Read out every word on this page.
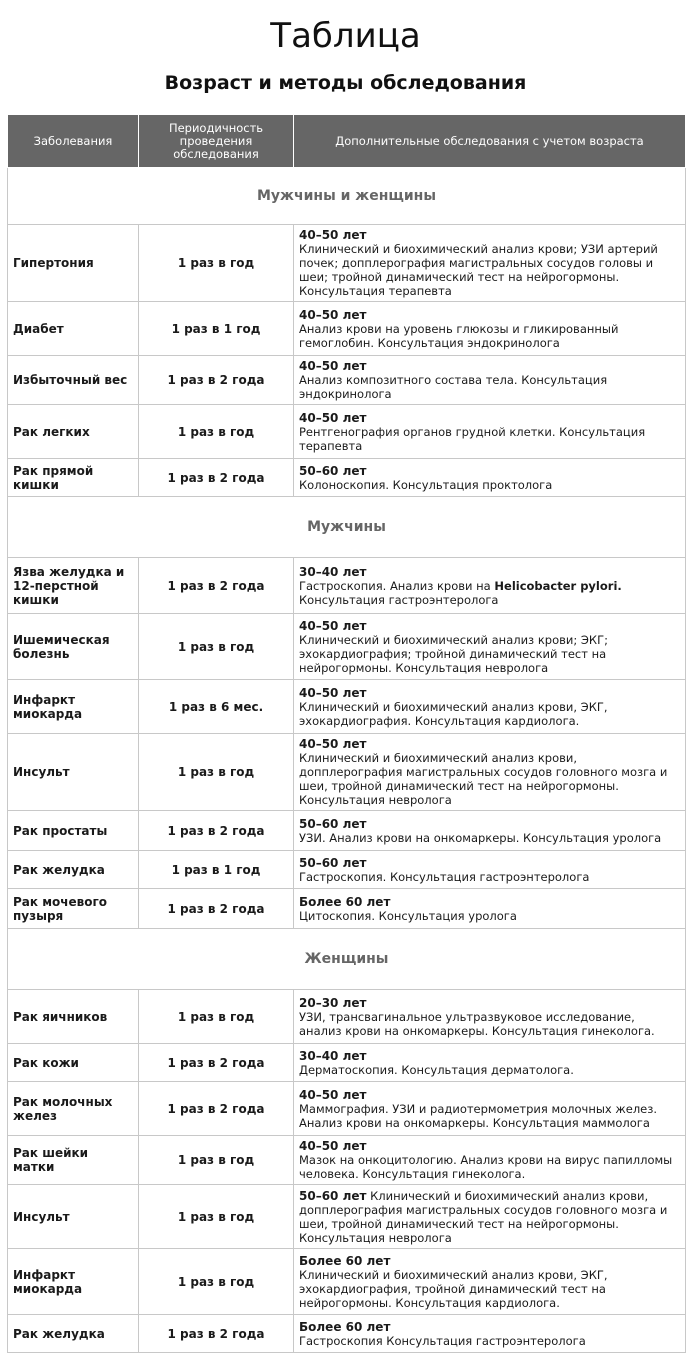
Таблица
Возраст и методы обследования
Заболевания	Периодичность проведения обследования	Дополнительные обследования с учетом возраста
Мужчины и женщины		
Гипертония	1 раз в год	40–50 лет
Клинический и биохимический анализ крови; УЗИ артерий почек; допплерография магистральных сосудов головы и шеи; тройной динамический тест на нейрогормоны. Консультация терапевта
Диабет	1 раз в 1 год	40–50 лет
Анализ крови на уровень глюкозы и гликированный гемоглобин. Консультация эндокринолога
Избыточный вес	1 раз в 2 года	40–50 лет
Анализ композитного состава тела. Консультация эндокринолога
Рак легких	1 раз в год	40–50 лет
Рентгенография органов грудной клетки. Консультация терапевта
Рак прямой кишки	1 раз в 2 года	50–60 лет
Колоноскопия. Консультация проктолога
Мужчины		
Язва желудка и 12-перстной кишки	1 раз в 2 года	30–40 лет
Гастроскопия. Анализ крови на Helicobacter pylori. Консультация гастроэнтеролога
Ишемическая болезнь	1 раз в год	40–50 лет
Клинический и биохимический анализ крови; ЭКГ; эхокардиография; тройной динамический тест на нейрогормоны. Консультация невролога
Инфаркт миокарда	1 раз в 6 мес.	40–50 лет
Клинический и биохимический анализ крови, ЭКГ, эхокардиография. Консультация кардиолога.
Инсульт	1 раз в год	40–50 лет
Клинический и биохимический анализ крови, допплерография магистральных сосудов головного мозга и шеи, тройной динамический тест на нейрогормоны. Консультация невролога
Рак простаты	1 раз в 2 года	50–60 лет
УЗИ. Анализ крови на онкомаркеры. Консультация уролога
Рак желудка	1 раз в 1 год	50–60 лет
Гастроскопия. Консультация гастроэнтеролога
Рак мочевого пузыря	1 раз в 2 года	Более 60 лет
Цитоскопия. Консультация уролога
Женщины		
Рак яичников	1 раз в год	20–30 лет
УЗИ, трансвагинальное ультразвуковое исследование, анализ крови на онкомаркеры. Консультация гинеколога.
Рак кожи	1 раз в 2 года	30–40 лет
Дерматоскопия. Консультация дерматолога.
Рак молочных желез	1 раз в 2 года	40–50 лет
Маммография. УЗИ и радиотермометрия молочных желез. Анализ крови на онкомаркеры. Консультация маммолога
Рак шейки матки	1 раз в год	40–50 лет
Мазок на онкоцитологию. Анализ крови на вирус папилломы человека. Консультация гинеколога.
Инсульт	1 раз в год	50–60 лет Клинический и биохимический анализ крови, допплерография магистральных сосудов головного мозга и шеи, тройной динамический тест на нейрогормоны. Консультация невролога
Инфаркт миокарда	1 раз в год	Более 60 лет
Клинический и биохимический анализ крови, ЭКГ, эхокардиография, тройной динамический тест на нейрогормоны. Консультация кардиолога.
Рак желудка	1 раз в 2 года	Более 60 лет
Гастроскопия Консультация гастроэнтеролога
